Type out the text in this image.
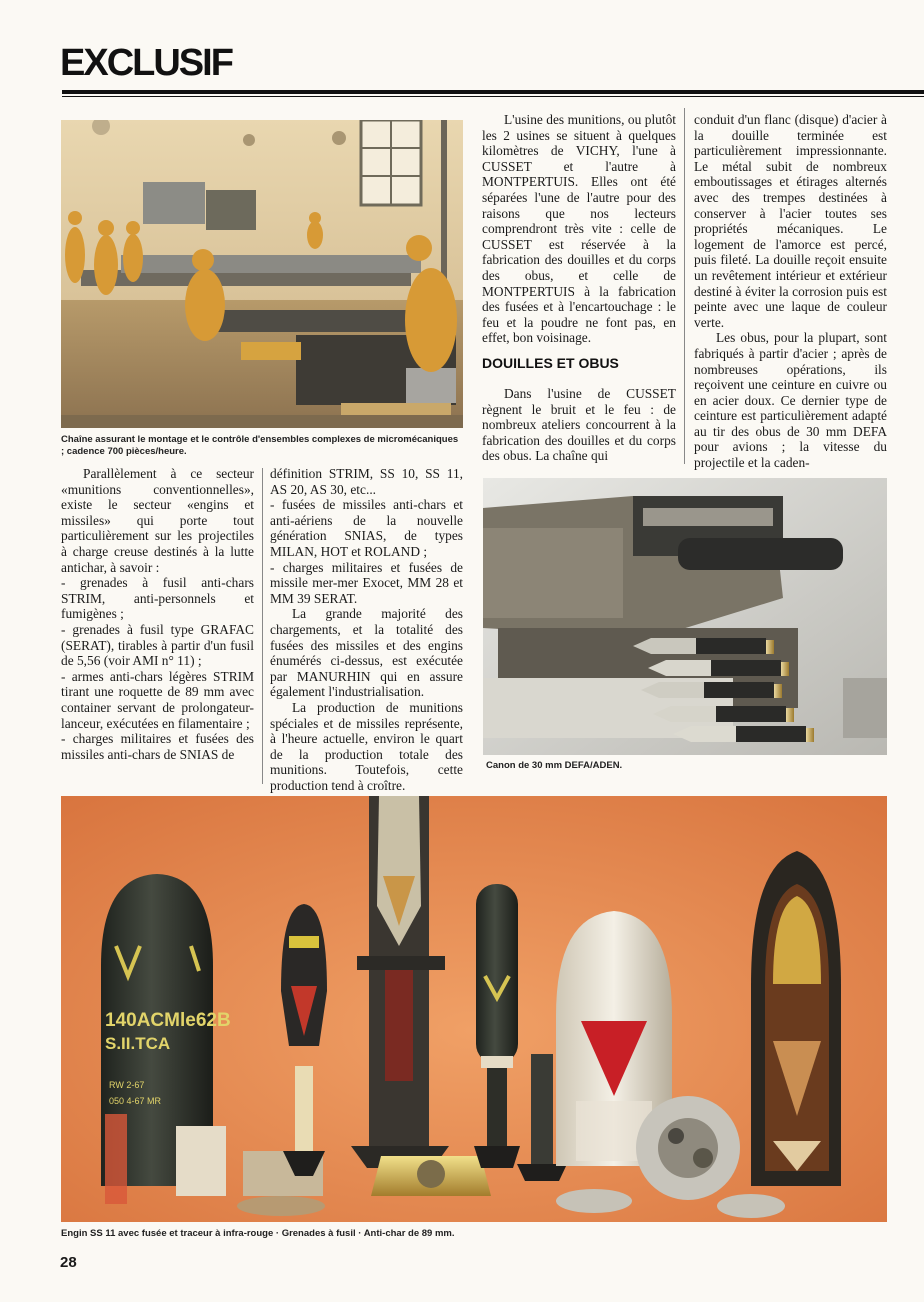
EXCLUSIF
Chaîne assurant le montage et le contrôle d'ensembles complexes de micromécaniques ; cadence 700 pièces/heure.

Parallèlement à ce secteur «munitions conventionnelles», existe le secteur «engins et missiles» qui porte tout particulièrement sur les projectiles à charge creuse destinés à la lutte antichar, à savoir :

- grenades à fusil anti-chars STRIM, anti-personnels et fumigènes ;

- grenades à fusil type GRAFAC (SERAT), tirables à partir d'un fusil de 5,56 (voir AMI n° 11) ;

- armes anti-chars légères STRIM tirant une roquette de 89 mm avec container servant de prolongateur-lanceur, exécutées en filamentaire ;

- charges militaires et fusées des missiles anti-chars de SNIAS de

définition STRIM, SS 10, SS 11, AS 20, AS 30, etc...

- fusées de missiles anti-chars et anti-aériens de la nouvelle génération SNIAS, de types MILAN, HOT et ROLAND ;

- charges militaires et fusées de missile mer-mer Exocet, MM 28 et MM 39 SERAT.

La grande majorité des chargements, et la totalité des fusées des missiles et des engins énumérés ci-dessus, est exécutée par MANURHIN qui en assure également l'industrialisation.

La production de munitions spéciales et de missiles représente, à l'heure actuelle, environ le quart de la production totale des munitions. Toutefois, cette production tend à croître.

L'usine des munitions, ou plutôt les 2 usines se situent à quelques kilomètres de VICHY, l'une à CUSSET et l'autre à MONTPERTUIS. Elles ont été séparées l'une de l'autre pour des raisons que nos lecteurs comprendront très vite : celle de CUSSET est réservée à la fabrication des douilles et du corps des obus, et celle de MONTPERTUIS à la fabrication des fusées et à l'encartouchage : le feu et la poudre ne font pas, en effet, bon voisinage.

DOUILLES ET OBUS

Dans l'usine de CUSSET règnent le bruit et le feu : de nombreux ateliers concourrent à la fabrication des douilles et du corps des obus. La chaîne qui

conduit d'un flanc (disque) d'acier à la douille terminée est particulièrement impressionnante. Le métal subit de nombreux emboutissages et étirages alternés avec des trempes destinées à conserver à l'acier toutes ses propriétés mécaniques. Le logement de l'amorce est percé, puis fileté. La douille reçoit ensuite un revêtement intérieur et extérieur destiné à éviter la corrosion puis est peinte avec une laque de couleur verte.

Les obus, pour la plupart, sont fabriqués à partir d'acier ; après de nombreuses opérations, ils reçoivent une ceinture en cuivre ou en acier doux. Ce dernier type de ceinture est particulièrement adapté au tir des obus de 30 mm DEFA pour avions ; la vitesse du projectile et la caden-

Canon de 30 mm DEFA/ADEN.
140ACMle62B
S.II.TCA
RW 2-67
050 4-67 MR
Engin SS 11 avec fusée et traceur à infra-rouge · Grenades à fusil · Anti-char de 89 mm.
28
